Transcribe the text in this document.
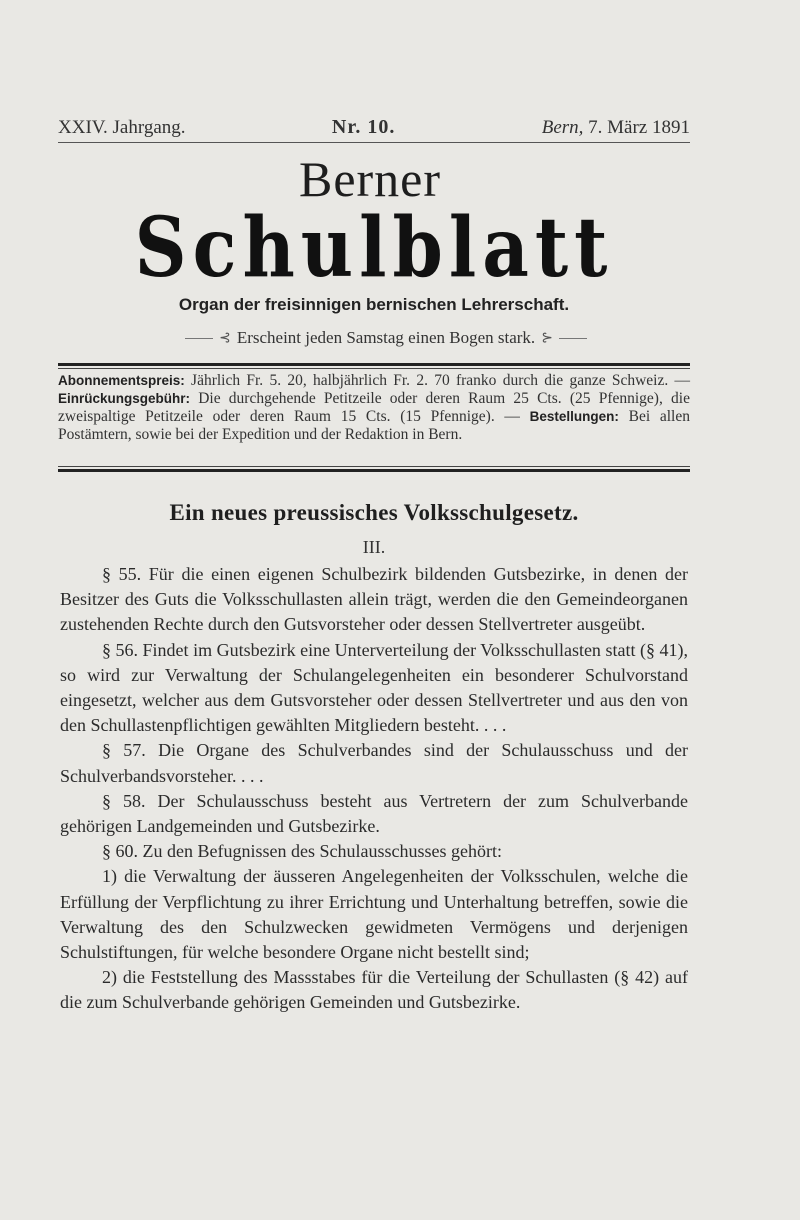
XXIV. Jahrgang.	Nr. 10.	Bern, 7. März 1891
Berner
Schulblatt
Organ der freisinnigen bernischen Lehrerschaft.
⊰ Erscheint jeden Samstag einen Bogen stark. ⊱
Abonnementspreis: Jährlich Fr. 5. 20, halbjährlich Fr. 2. 70 franko durch die ganze Schweiz. — Einrückungsgebühr: Die durchgehende Petitzeile oder deren Raum 25 Cts. (25 Pfennige), die zweispaltige Petitzeile oder deren Raum 15 Cts. (15 Pfennige). — Bestellungen: Bei allen Postämtern, sowie bei der Expedition und der Redaktion in Bern.
Ein neues preussisches Volksschulgesetz.
III.

§ 55. Für die einen eigenen Schulbezirk bildenden Gutsbezirke, in denen der Besitzer des Guts die Volksschullasten allein trägt, werden die den Gemeindeorganen zustehenden Rechte durch den Gutsvorsteher oder dessen Stellvertreter ausgeübt.

§ 56. Findet im Gutsbezirk eine Unterverteilung der Volksschullasten statt (§ 41), so wird zur Verwaltung der Schulangelegenheiten ein besonderer Schulvorstand eingesetzt, welcher aus dem Gutsvorsteher oder dessen Stellvertreter und aus den von den Schullastenpflichtigen gewählten Mitgliedern besteht. . . .

§ 57. Die Organe des Schulverbandes sind der Schulausschuss und der Schulverbandsvorsteher. . . .

§ 58. Der Schulausschuss besteht aus Vertretern der zum Schulverbande gehörigen Landgemeinden und Gutsbezirke.

§ 60. Zu den Befugnissen des Schulausschusses gehört:

1) die Verwaltung der äusseren Angelegenheiten der Volksschulen, welche die Erfüllung der Verpflichtung zu ihrer Errichtung und Unterhaltung betreffen, sowie die Verwaltung des den Schulzwecken gewidmeten Vermögens und derjenigen Schulstiftungen, für welche besondere Organe nicht bestellt sind;

2) die Feststellung des Massstabes für die Verteilung der Schullasten (§ 42) auf die zum Schulverbande gehörigen Gemeinden und Gutsbezirke.
